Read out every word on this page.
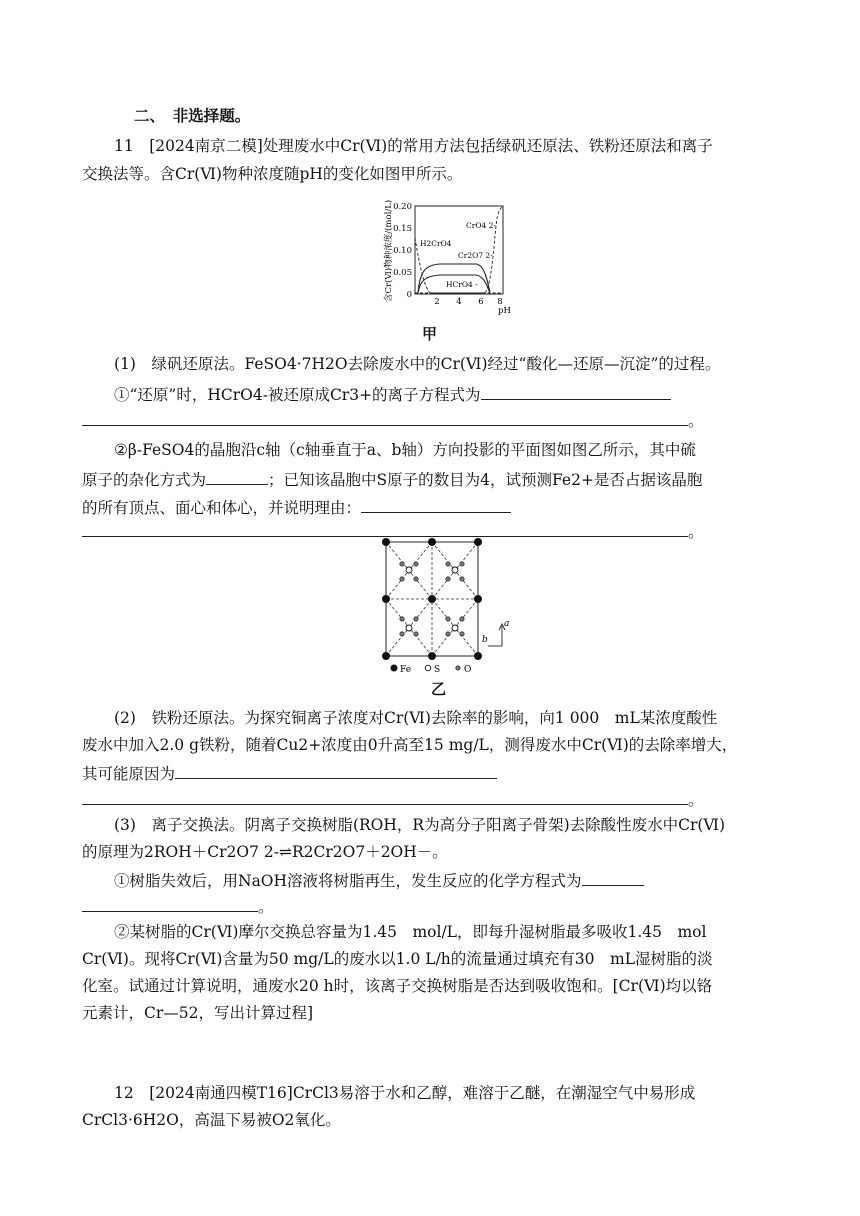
二、　非选择题。
11　[2024南京二模]处理废水中Cr(Ⅵ)的常用方法包括绿矾还原法、铁粉还原法和离子
交换法等。含Cr(Ⅵ)物种浓度随pH的变化如图甲所示。
含Cr(Ⅵ)物种浓度/(mol/L) 0
0.05
0.10
0.15
0.20
2 4 6 8
pH
H2CrO4
CrO4 2-
Cr2O7 2-
HCrO4 -
甲
(1)　绿矾还原法。FeSO4·7H2O去除废水中的Cr(Ⅵ)经过“酸化—还原—沉淀”的过程。
①“还原”时，HCrO4-被还原成Cr3+的离子方程式为
。
②β-FeSO4的晶胞沿c轴（c轴垂直于a、b轴）方向投影的平面图如图乙所示，其中硫
原子的杂化方式为	；已知该晶胞中S原子的数目为4，试预测Fe2+是否占据该晶胞
的所有顶点、面心和体心，并说明理由：
。
a
b
Fe	S	O
乙
(2)　铁粉还原法。为探究铜离子浓度对Cr(Ⅵ)去除率的影响，向1 000　mL某浓度酸性
废水中加入2.0 g铁粉，随着Cu2+浓度由0升高至15 mg/L，测得废水中Cr(Ⅵ)的去除率增大，
其可能原因为
。
(3)　离子交换法。阴离子交换树脂(ROH，R为高分子阳离子骨架)去除酸性废水中Cr(Ⅵ)
的原理为2ROH＋Cr2O7 2-⇌R2Cr2O7＋2OH－。
①树脂失效后，用NaOH溶液将树脂再生，发生反应的化学方程式为
。
②某树脂的Cr(Ⅵ)摩尔交换总容量为1.45　mol/L，即每升湿树脂最多吸收1.45　mol
Cr(Ⅵ)。现将Cr(Ⅵ)含量为50 mg/L的废水以1.0 L/h的流量通过填充有30　mL湿树脂的淡
化室。试通过计算说明，通废水20 h时，该离子交换树脂是否达到吸收饱和。[Cr(Ⅵ)均以铬
元素计，Cr—52，写出计算过程]
12　[2024南通四模T16]CrCl3易溶于水和乙醇，难溶于乙醚，在潮湿空气中易形成
CrCl3·6H2O，高温下易被O2氧化。
